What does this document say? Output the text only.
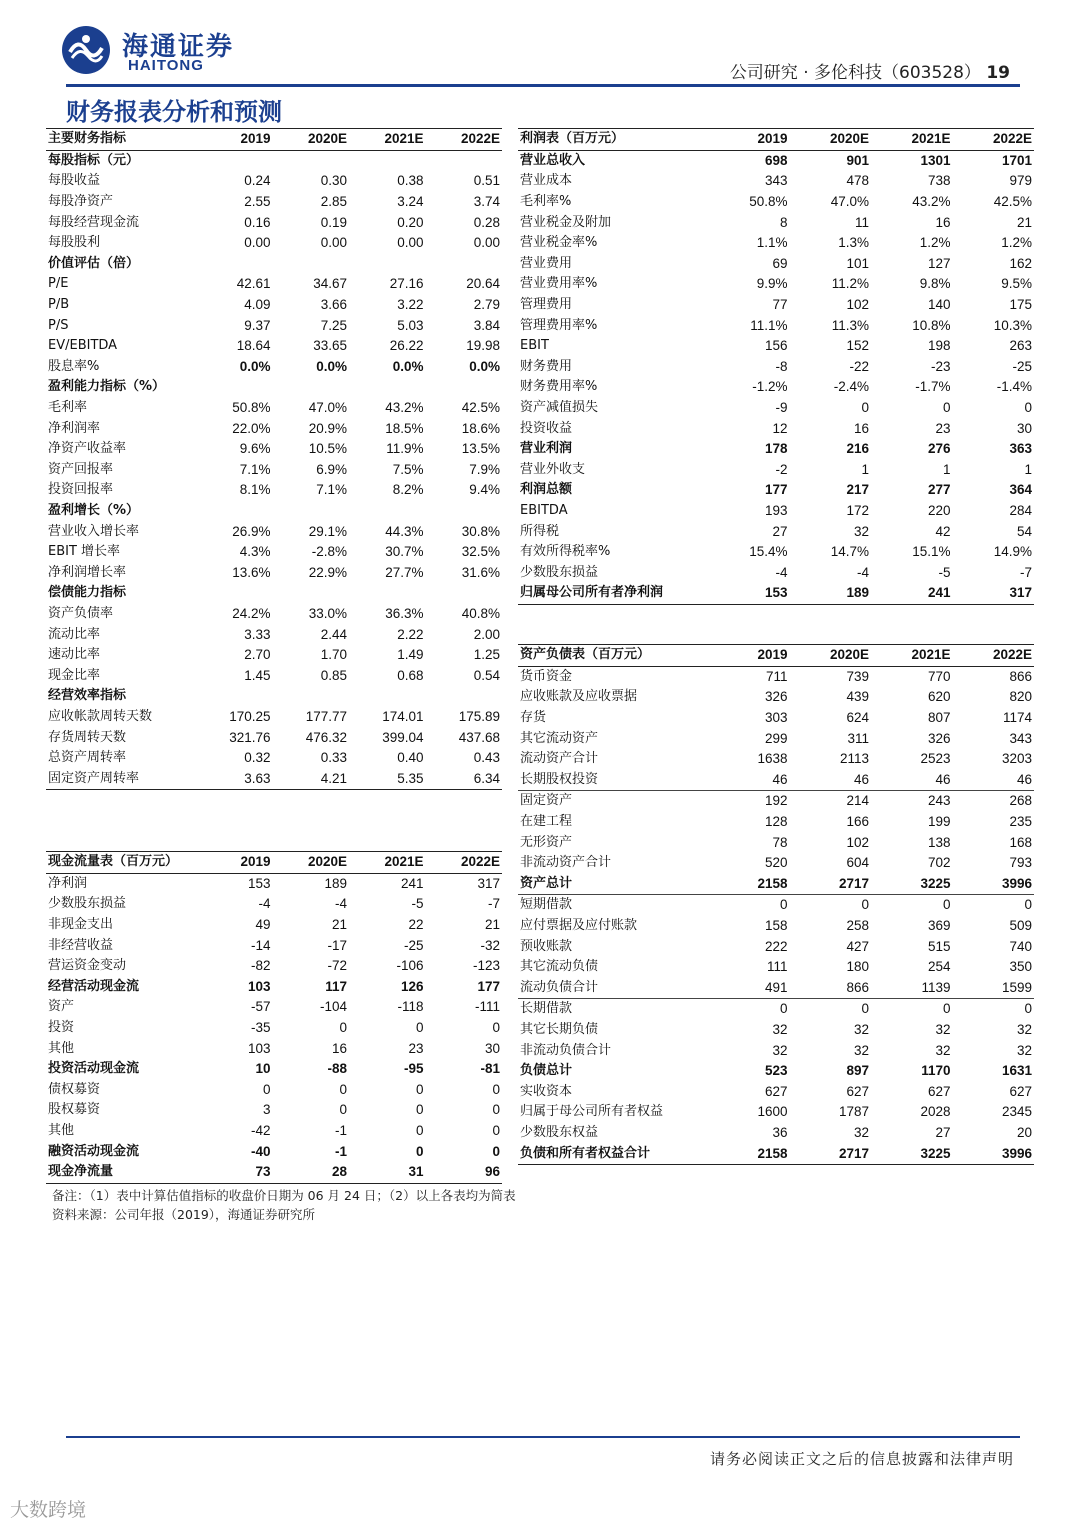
海通证券
HAITONG	公司研究 · 多伦科技（603528） 19
财务报表分析和预测
主要财务指标	2019	2020E	2021E	2022E
每股指标（元）				
每股收益	0.24	0.30	0.38	0.51
每股净资产	2.55	2.85	3.24	3.74
每股经营现金流	0.16	0.19	0.20	0.28
每股股利	0.00	0.00	0.00	0.00
价值评估（倍）				
P/E	42.61	34.67	27.16	20.64
P/B	4.09	3.66	3.22	2.79
P/S	9.37	7.25	5.03	3.84
EV/EBITDA	18.64	33.65	26.22	19.98
股息率%	0.0%	0.0%	0.0%	0.0%
盈利能力指标（%）				
毛利率	50.8%	47.0%	43.2%	42.5%
净利润率	22.0%	20.9%	18.5%	18.6%
净资产收益率	9.6%	10.5%	11.9%	13.5%
资产回报率	7.1%	6.9%	7.5%	7.9%
投资回报率	8.1%	7.1%	8.2%	9.4%
盈利增长（%）				
营业收入增长率	26.9%	29.1%	44.3%	30.8%
EBIT 增长率	4.3%	-2.8%	30.7%	32.5%
净利润增长率	13.6%	22.9%	27.7%	31.6%
偿债能力指标				
资产负债率	24.2%	33.0%	36.3%	40.8%
流动比率	3.33	2.44	2.22	2.00
速动比率	2.70	1.70	1.49	1.25
现金比率	1.45	0.85	0.68	0.54
经营效率指标				
应收帐款周转天数	170.25	177.77	174.01	175.89
存货周转天数	321.76	476.32	399.04	437.68
总资产周转率	0.32	0.33	0.40	0.43
固定资产周转率	3.63	4.21	5.35	6.34
利润表（百万元）	2019	2020E	2021E	2022E
营业总收入	698	901	1301	1701
营业成本	343	478	738	979
毛利率%	50.8%	47.0%	43.2%	42.5%
营业税金及附加	8	11	16	21
营业税金率%	1.1%	1.3%	1.2%	1.2%
营业费用	69	101	127	162
营业费用率%	9.9%	11.2%	9.8%	9.5%
管理费用	77	102	140	175
管理费用率%	11.1%	11.3%	10.8%	10.3%
EBIT	156	152	198	263
财务费用	-8	-22	-23	-25
财务费用率%	-1.2%	-2.4%	-1.7%	-1.4%
资产减值损失	-9	0	0	0
投资收益	12	16	23	30
营业利润	178	216	276	363
营业外收支	-2	1	1	1
利润总额	177	217	277	364
EBITDA	193	172	220	284
所得税	27	32	42	54
有效所得税率%	15.4%	14.7%	15.1%	14.9%
少数股东损益	-4	-4	-5	-7
归属母公司所有者净利润	153	189	241	317
资产负债表（百万元）	2019	2020E	2021E	2022E
货币资金	711	739	770	866
应收账款及应收票据	326	439	620	820
存货	303	624	807	1174
其它流动资产	299	311	326	343
流动资产合计	1638	2113	2523	3203
长期股权投资	46	46	46	46
固定资产	192	214	243	268
在建工程	128	166	199	235
无形资产	78	102	138	168
非流动资产合计	520	604	702	793
资产总计	2158	2717	3225	3996
短期借款	0	0	0	0
应付票据及应付账款	158	258	369	509
预收账款	222	427	515	740
其它流动负债	111	180	254	350
流动负债合计	491	866	1139	1599
长期借款	0	0	0	0
其它长期负债	32	32	32	32
非流动负债合计	32	32	32	32
负债总计	523	897	1170	1631
实收资本	627	627	627	627
归属于母公司所有者权益	1600	1787	2028	2345
少数股东权益	36	32	27	20
负债和所有者权益合计	2158	2717	3225	3996
现金流量表（百万元）	2019	2020E	2021E	2022E
净利润	153	189	241	317
少数股东损益	-4	-4	-5	-7
非现金支出	49	21	22	21
非经营收益	-14	-17	-25	-32
营运资金变动	-82	-72	-106	-123
经营活动现金流	103	117	126	177
资产	-57	-104	-118	-111
投资	-35	0	0	0
其他	103	16	23	30
投资活动现金流	10	-88	-95	-81
债权募资	0	0	0	0
股权募资	3	0	0	0
其他	-42	-1	0	0
融资活动现金流	-40	-1	0	0
现金净流量	73	28	31	96
备注：（1）表中计算估值指标的收盘价日期为 06 月 24 日；（2）以上各表均为简表
资料来源：公司年报（2019），海通证券研究所
请务必阅读正文之后的信息披露和法律声明
大数跨境
